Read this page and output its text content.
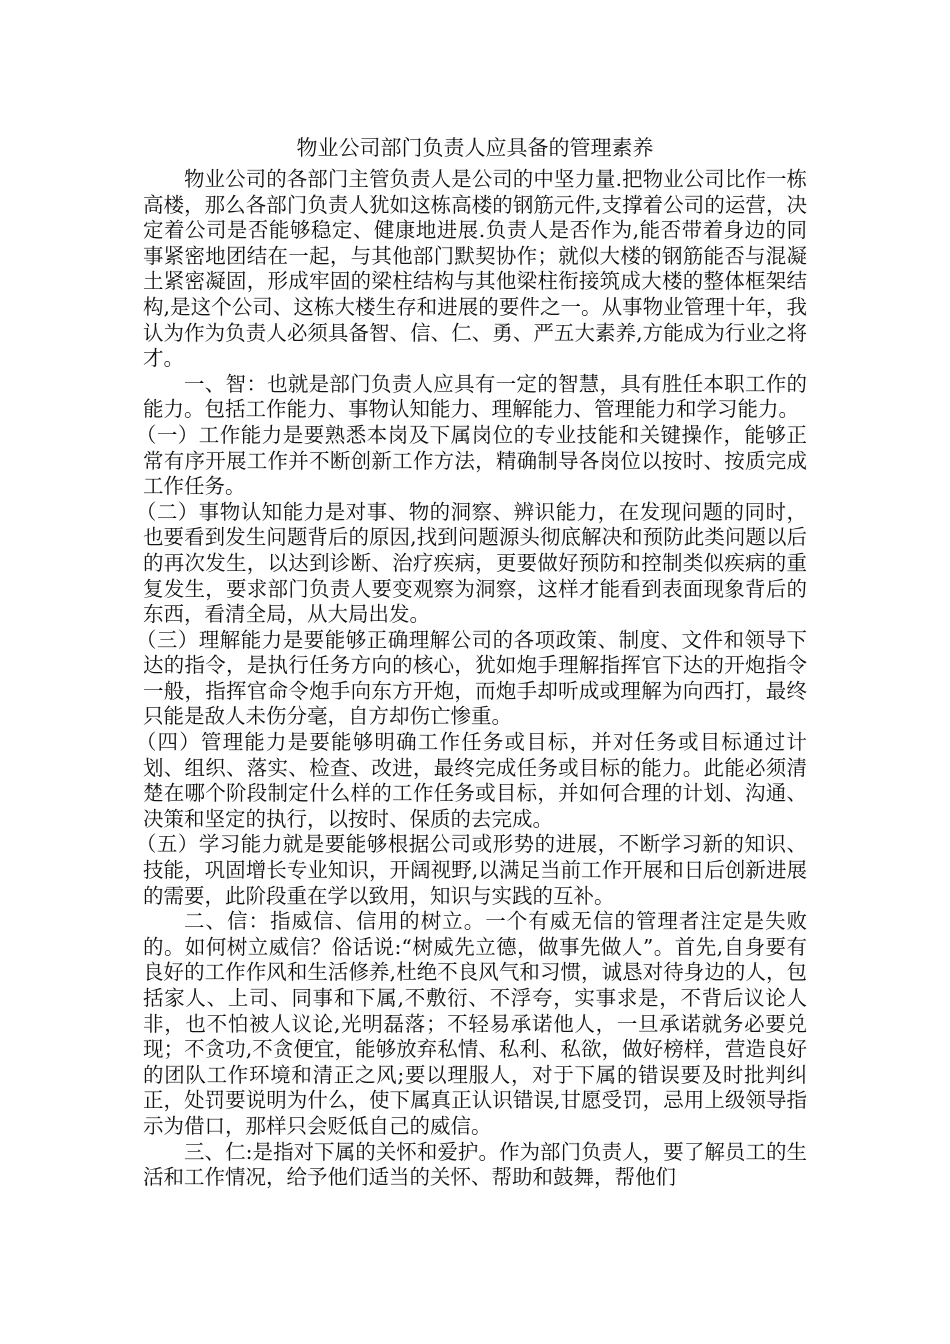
物业公司部门负责人应具备的管理素养

物业公司的各部门主管负责人是公司的中坚力量.把物业公司比作一栋高楼，那么各部门负责人犹如这栋高楼的钢筋元件,支撑着公司的运营，决定着公司是否能够稳定、健康地进展.负责人是否作为,能否带着身边的同事紧密地团结在一起，与其他部门默契协作；就似大楼的钢筋能否与混凝土紧密凝固，形成牢固的梁柱结构与其他梁柱衔接筑成大楼的整体框架结构,是这个公司、这栋大楼生存和进展的要件之一。从事物业管理十年，我认为作为负责人必须具备智、信、仁、勇、严五大素养,方能成为行业之将才。

一、智：也就是部门负责人应具有一定的智慧，具有胜任本职工作的能力。包括工作能力、事物认知能力、理解能力、管理能力和学习能力。

（一）工作能力是要熟悉本岗及下属岗位的专业技能和关键操作，能够正常有序开展工作并不断创新工作方法，精确制导各岗位以按时、按质完成工作任务。

（二）事物认知能力是对事、物的洞察、辨识能力，在发现问题的同时，也要看到发生问题背后的原因,找到问题源头彻底解决和预防此类问题以后的再次发生，以达到诊断、治疗疾病，更要做好预防和控制类似疾病的重复发生，要求部门负责人要变观察为洞察，这样才能看到表面现象背后的东西，看清全局，从大局出发。

（三）理解能力是要能够正确理解公司的各项政策、制度、文件和领导下达的指令，是执行任务方向的核心，犹如炮手理解指挥官下达的开炮指令一般，指挥官命令炮手向东方开炮，而炮手却听成或理解为向西打，最终只能是敌人未伤分毫，自方却伤亡惨重。

（四）管理能力是要能够明确工作任务或目标，并对任务或目标通过计划、组织、落实、检查、改进，最终完成任务或目标的能力。此能必须清楚在哪个阶段制定什么样的工作任务或目标，并如何合理的计划、沟通、决策和坚定的执行，以按时、保质的去完成。

（五）学习能力就是要能够根据公司或形势的进展，不断学习新的知识、技能，巩固增长专业知识，开阔视野,以满足当前工作开展和日后创新进展的需要，此阶段重在学以致用，知识与实践的互补。

二、信：指威信、信用的树立。一个有威无信的管理者注定是失败的。如何树立威信？俗话说:“树威先立德，做事先做人”。首先,自身要有良好的工作作风和生活修养,杜绝不良风气和习惯，诚恳对待身边的人，包括家人、上司、同事和下属,不敷衍、不浮夸，实事求是，不背后议论人非，也不怕被人议论,光明磊落；不轻易承诺他人，一旦承诺就务必要兑现；不贪功,不贪便宜，能够放弃私情、私利、私欲，做好榜样，营造良好的团队工作环境和清正之风;要以理服人，对于下属的错误要及时批判纠正，处罚要说明为什么，使下属真正认识错误,甘愿受罚，忌用上级领导指示为借口，那样只会贬低自己的威信。

三、仁:是指对下属的关怀和爱护。作为部门负责人，要了解员工的生活和工作情况，给予他们适当的关怀、帮助和鼓舞，帮他们
